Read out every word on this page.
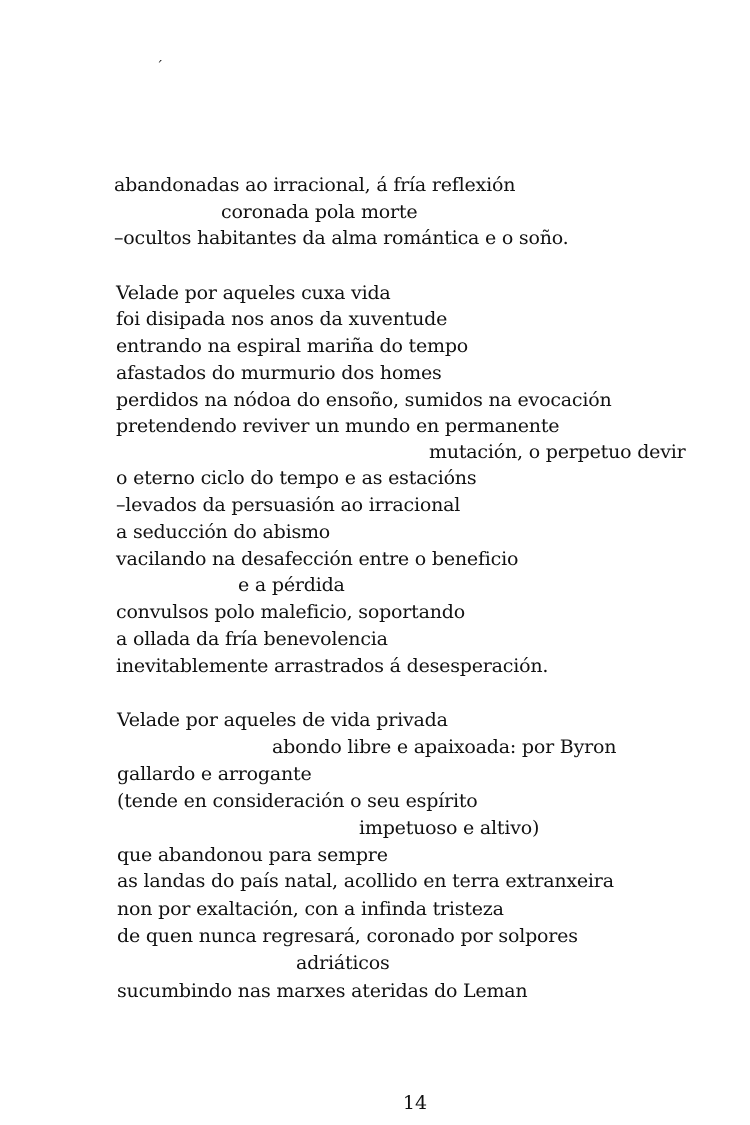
´
abandonadas ao irracional, á fría reflexión
coronada pola morte
–ocultos habitantes da alma romántica e o soño.
Velade por aqueles cuxa vida
foi disipada nos anos da xuventude
entrando na espiral mariña do tempo
afastados do murmurio dos homes
perdidos na nódoa do ensoño, sumidos na evocación
pretendendo reviver un mundo en permanente
mutación, o perpetuo devir
o eterno ciclo do tempo e as estacións
–levados da persuasión ao irracional
a seducción do abismo
vacilando na desafección entre o beneficio
e a pérdida
convulsos polo maleficio, soportando
a ollada da fría benevolencia
inevitablemente arrastrados á desesperación.
Velade por aqueles de vida privada
abondo libre e apaixoada: por Byron
gallardo e arrogante
(tende en consideración o seu espírito
impetuoso e altivo)
que abandonou para sempre
as landas do país natal, acollido en terra extranxeira
non por exaltación, con a infinda tristeza
de quen nunca regresará, coronado por solpores
adriáticos
sucumbindo nas marxes ateridas do Leman
14
